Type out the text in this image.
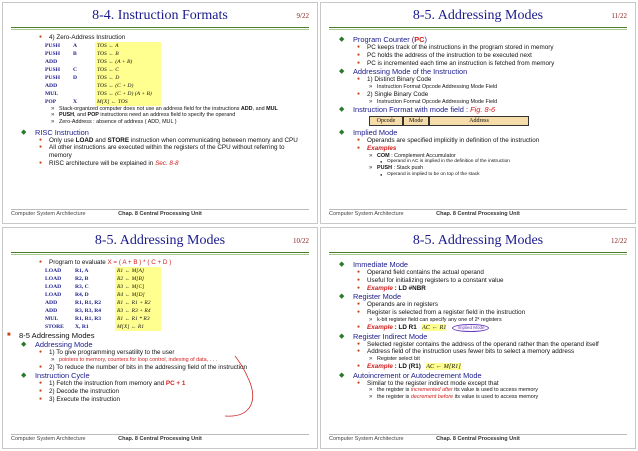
8-4. Instruction Formats	9/22
● 4) Zero-Address Instruction
PUSH	A	TOS ← A
PUSH	B	TOS ← B
ADD	TOS ← (A + B)
PUSH	C	TOS ← C
PUSH	D	TOS ← D
ADD	TOS ← (C + D)
MUL	TOS ← (C + D) (A + B)
POP	X	M[X] ← TOS
» Stack-organized computer does not use an address field for the instructions ADD, and MUL
» PUSH, and POP instructions need an address field to specify the operand
» Zero-Address : absence of address ( ADD, MUL )
◆ RISC Instruction
● Only use LOAD and STORE instruction when communicating between memory and CPU
● All other instructions are executed within the registers of the CPU without referring to memory
● RISC architecture will be explained in Sec. 8-8
Computer System Architecture	Chap. 8 Central Processing Unit
8-5. Addressing Modes	11/22
◆ Program Counter (PC)
● PC keeps track of the instructions in the program stored in memory
● PC holds the address of the instruction to be executed next
● PC is incremented each time an instruction is fetched from memory
◆ Addressing Mode of the Instruction
● 1) Distinct Binary Code
» Instruction Format Opcode Addressing Mode Field
● 2) Single Binary Code
» Instruction Format Opcode Addressing Mode Field
◆ Instruction Format with mode field : Fig. 8-6
Opcode	Mode	Address
◆ Implied Mode
● Operands are specified implicitly in definition of the instruction
● Examples
» COM : Complement Accumulator
● Operand in AC is implied in the definition of the instruction
» PUSH : Stack push
● Operand is implied to be on top of the stack
Computer System Architecture	Chap. 8 Central Processing Unit
8-5. Addressing Modes	10/22
● Program to evaluate X = ( A + B ) * ( C + D )
LOAD	R1, A	R1 ← M[A]
LOAD	R2, B	R2 ← M[B]
LOAD	R3, C	R3 ← M[C]
LOAD	R4, D	R4 ← M[D]
ADD	R1, R1, R2	R1 ← R1 + R2
ADD	R3, R3, R4	R3 ← R3 + R4
MUL	R1, R1, R3	R1 ← R1 * R3
STORE	X, R1	M[X] ← R1
■ 8-5 Addressing Modes
◆ Addressing Mode
● 1) To give programming versatility to the user
» pointers to memory, counters for loop control, indexing of data, . . .
● 2) To reduce the number of bits in the addressing field of the instruction
◆ Instruction Cycle
● 1) Fetch the instruction from memory and PC + 1
● 2) Decode the instruction
● 3) Execute the instruction
Computer System Architecture	Chap. 8 Central Processing Unit
8-5. Addressing Modes	12/22
◆ Immediate Mode
● Operand field contains the actual operand
● Useful for initializing registers to a constant value
● Example : LD #NBR
◆ Register Mode
● Operands are in registers
● Register is selected from a register field in the instruction
» k-bit register field can specify any one of 2ᵏ registers
● Example : LD R1 AC ← R1 Implied Mode
◆ Register Indirect Mode
● Selected register contains the address of the operand rather than the operand itself
● Address field of the instruction uses fewer bits to select a memory address
» Register select bit
● Example : LD (R1) AC ← M[R1]
◆ Autoincrement or Autodecrement Mode
● Similar to the register indirect mode except that
» the register is incremented after its value is used to access memory
» the register is decrement before its value is used to access memory
Computer System Architecture	Chap. 8 Central Processing Unit
